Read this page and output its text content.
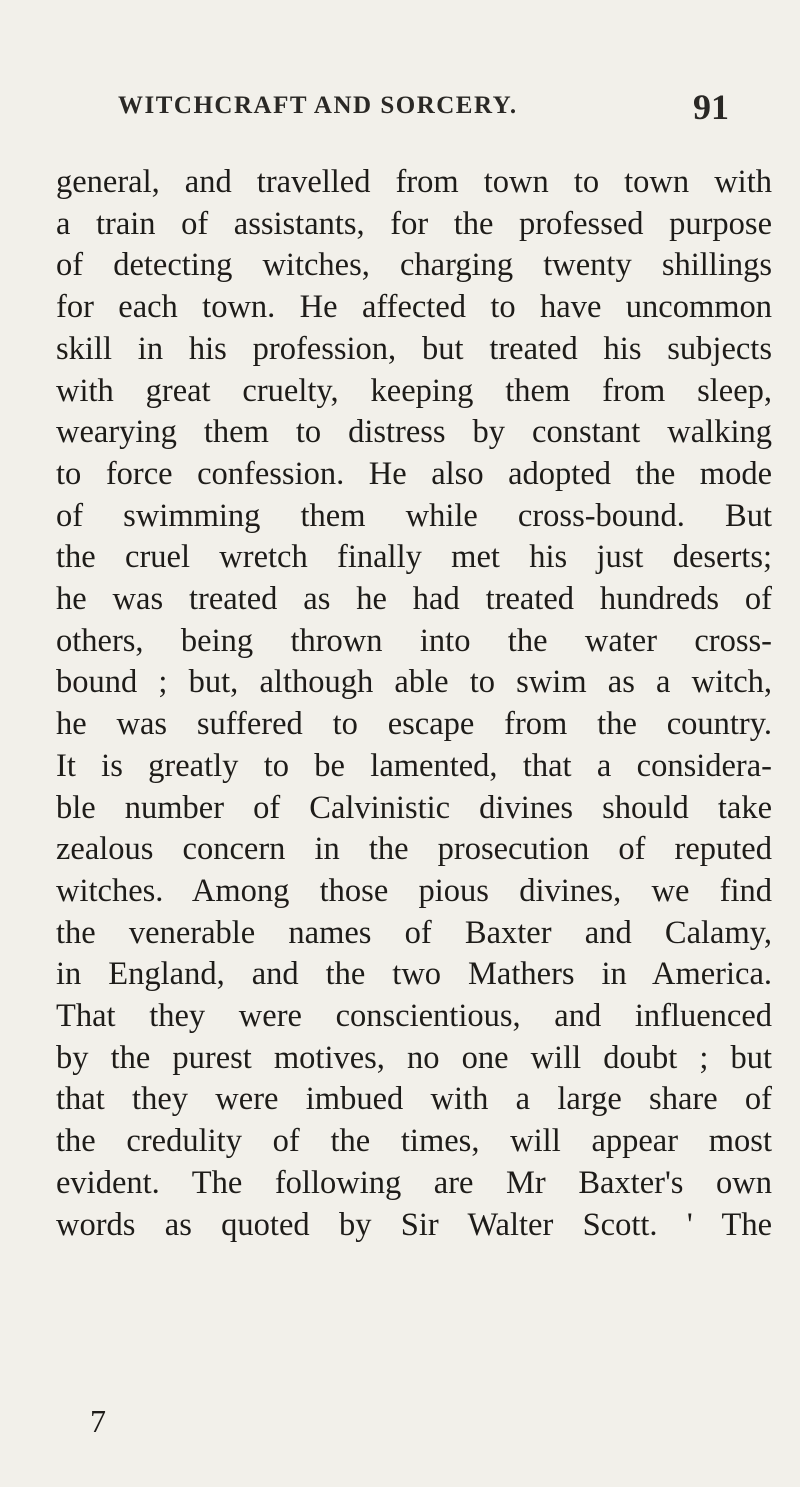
WITCHCRAFT AND SORCERY.	91
general, and travelled from town to town with
a train of assistants, for the professed purpose
of detecting witches, charging twenty shillings
for each town. He affected to have uncommon
skill in his profession, but treated his subjects
with great cruelty, keeping them from sleep,
wearying them to distress by constant walking
to force confession. He also adopted the mode
of swimming them while cross-bound. But
the cruel wretch finally met his just deserts;
he was treated as he had treated hundreds of
others, being thrown into the water cross-
bound ; but, although able to swim as a witch,
he was suffered to escape from the country.
It is greatly to be lamented, that a considera-
ble number of Calvinistic divines should take
zealous concern in the prosecution of reputed
witches. Among those pious divines, we find
the venerable names of Baxter and Calamy,
in England, and the two Mathers in America.
That they were conscientious, and influenced
by the purest motives, no one will doubt ; but
that they were imbued with a large share of
the credulity of the times, will appear most
evident. The following are Mr Baxter's own
words as quoted by Sir Walter Scott. ' The
7
